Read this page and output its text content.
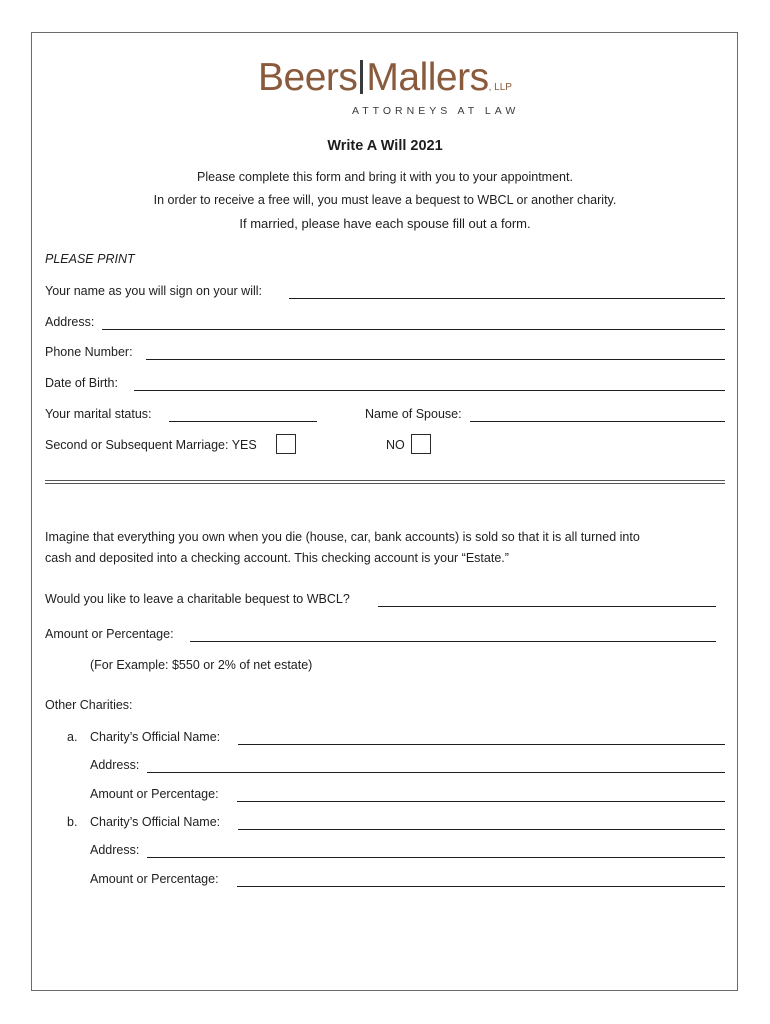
Beers Mallers, LLP
ATTORNEYS AT LAW
Write A Will 2021
Please complete this form and bring it with you to your appointment.
In order to receive a free will, you must leave a bequest to WBCL or another charity.
If married, please have each spouse fill out a form.
PLEASE PRINT
Your name as you will sign on your will:
Address:
Phone Number:
Date of Birth:
Your marital status:	Name of Spouse:
Second or Subsequent Marriage: YES	NO
Imagine that everything you own when you die (house, car, bank accounts) is sold so that it is all turned into
cash and deposited into a checking account. This checking account is your “Estate.”
Would you like to leave a charitable bequest to WBCL?
Amount or Percentage:
(For Example: $550 or 2% of net estate)
Other Charities:
a. Charity’s Official Name:
Address:
Amount or Percentage:
b. Charity’s Official Name:
Address:
Amount or Percentage:
